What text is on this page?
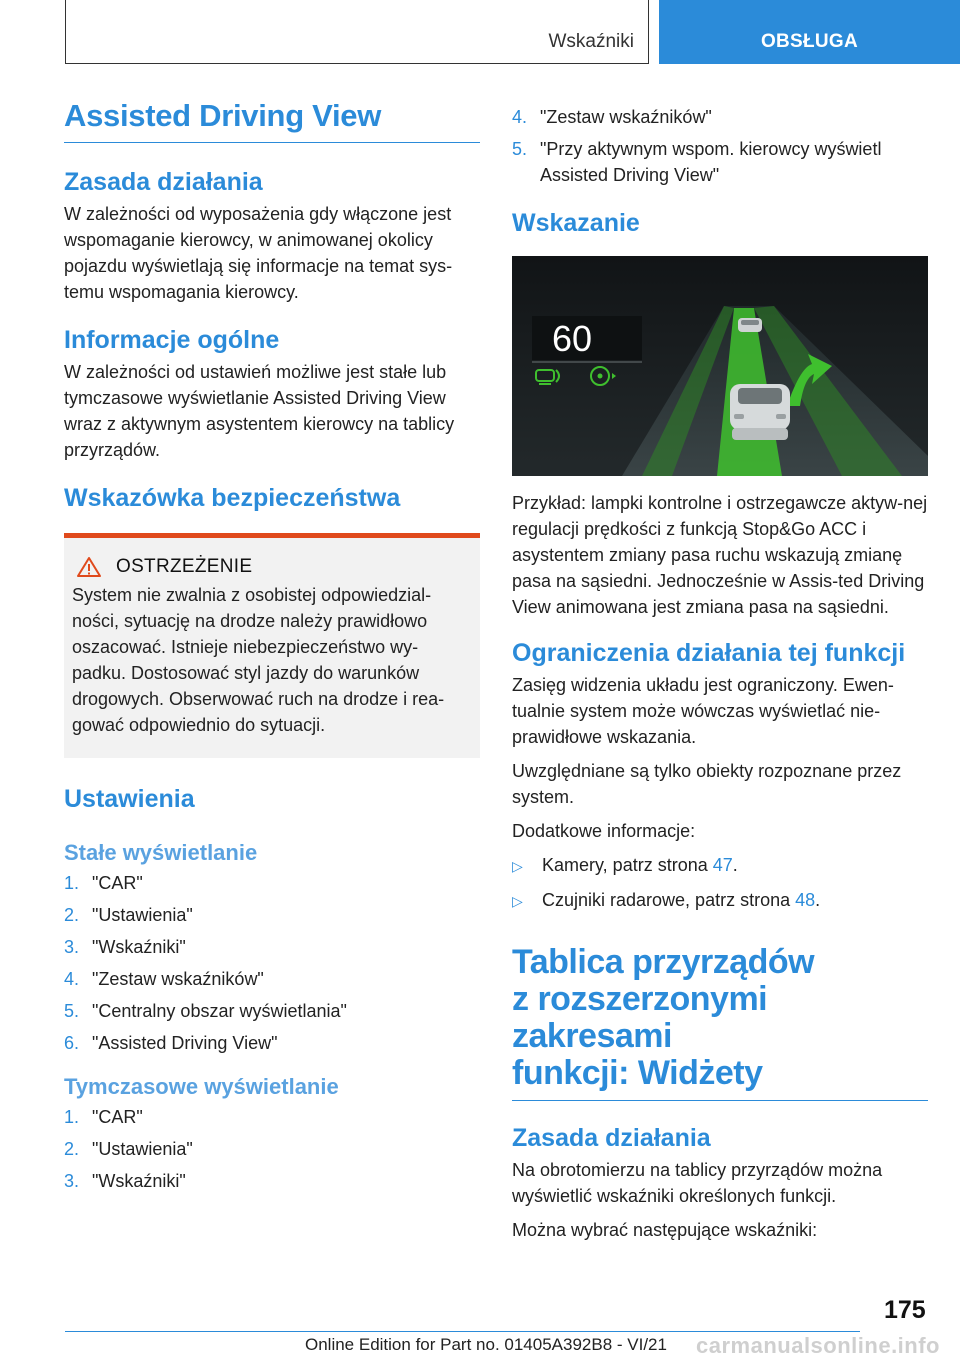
Wskaźniki	OBSŁUGA
Assisted Driving View
Zasada działania

W zależności od wyposażenia gdy włączone jest wspomaganie kierowcy, w animowanej okolicy pojazdu wyświetlają się informacje na temat sys-temu wspomagania kierowcy.

Informacje ogólne

W zależności od ustawień możliwe jest stałe lub tymczasowe wyświetlanie Assisted Driving View wraz z aktywnym asystentem kierowcy na tablicy przyrządów.

Wskazówka bezpieczeństwa
OSTRZEŻENIE

System nie zwalnia z osobistej odpowiedzial-ności, sytuację na drodze należy prawidłowo oszacować. Istnieje niebezpieczeństwo wy-padku. Dostosować styl jazdy do warunków drogowych. Obserwować ruch na drodze i rea-gować odpowiednio do sytuacji.

Ustawienia
Stałe wyświetlanie
1. "CAR"
2. "Ustawienia"
3. "Wskaźniki"
4. "Zestaw wskaźników"
5. "Centralny obszar wyświetlania"
6. "Assisted Driving View"
Tymczasowe wyświetlanie
1. "CAR"
2. "Ustawienia"
3. "Wskaźniki"
4. "Zestaw wskaźników"
5. "Przy aktywnym wspom. kierowcy wyświetl Assisted Driving View"
Wskazanie
60

Przykład: lampki kontrolne i ostrzegawcze aktyw-nej regulacji prędkości z funkcją Stop&Go ACC i asystentem zmiany pasa ruchu wskazują zmianę pasa na sąsiedni. Jednocześnie w Assis-ted Driving View animowana jest zmiana pasa na sąsiedni.

Ograniczenia działania tej funkcji

Zasięg widzenia układu jest ograniczony. Ewen-tualnie system może wówczas wyświetlać nie-prawidłowe wskazania.

Uwzględniane są tylko obiekty rozpoznane przez system.

Dodatkowe informacje:

▷	Kamery, patrz strona 47.
▷	Czujniki radarowe, patrz strona 48.
Tablica przyrządów
z rozszerzonymi zakresami
funkcji: Widżety
Zasada działania

Na obrotomierzu na tablicy przyrządów można wyświetlić wskaźniki określonych funkcji.

Można wybrać następujące wskaźniki:

175
Online Edition for Part no. 01405A392B8 - VI/21 carmanualsonline.info
